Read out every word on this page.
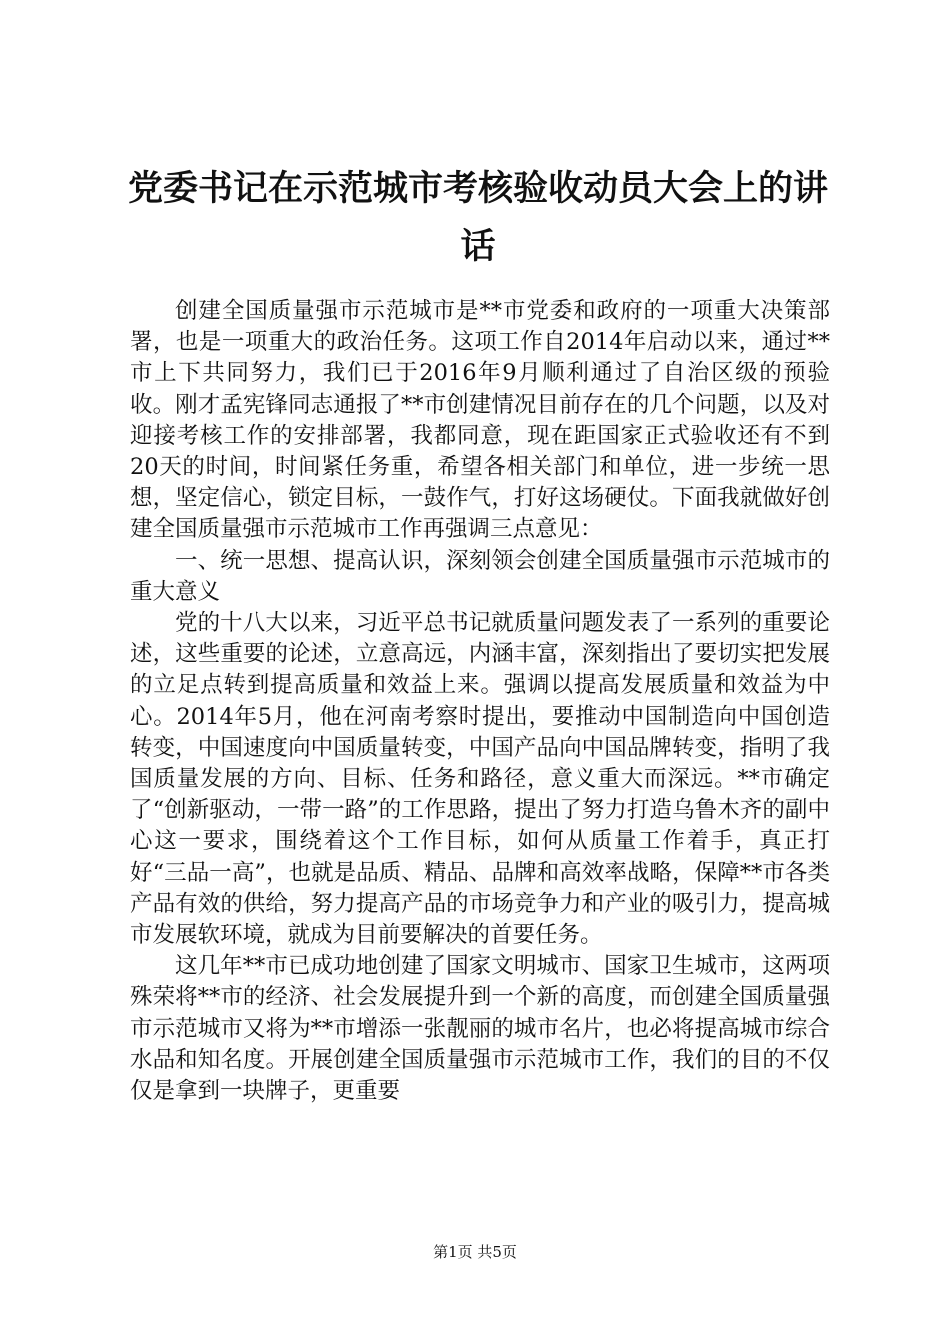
党委书记在示范城市考核验收动员大会上的讲话

创建全国质量强市示范城市是**市党委和政府的一项重大决策部署，也是一项重大的政治任务。这项工作自2014年启动以来，通过**市上下共同努力，我们已于2016年9月顺利通过了自治区级的预验收。刚才孟宪锋同志通报了**市创建情况目前存在的几个问题，以及对迎接考核工作的安排部署，我都同意，现在距国家正式验收还有不到20天的时间，时间紧任务重，希望各相关部门和单位，进一步统一思想，坚定信心，锁定目标，一鼓作气，打好这场硬仗。下面我就做好创建全国质量强市示范城市工作再强调三点意见：

一、统一思想、提高认识，深刻领会创建全国质量强市示范城市的重大意义

党的十八大以来，习近平总书记就质量问题发表了一系列的重要论述，这些重要的论述，立意高远，内涵丰富，深刻指出了要切实把发展的立足点转到提高质量和效益上来。强调以提高发展质量和效益为中心。2014年5月，他在河南考察时提出，要推动中国制造向中国创造转变，中国速度向中国质量转变，中国产品向中国品牌转变，指明了我国质量发展的方向、目标、任务和路径，意义重大而深远。**市确定了“创新驱动，一带一路”的工作思路，提出了努力打造乌鲁木齐的副中心这一要求，围绕着这个工作目标，如何从质量工作着手，真正打好“三品一高”，也就是品质、精品、品牌和高效率战略，保障**市各类产品有效的供给，努力提高产品的市场竞争力和产业的吸引力，提高城市发展软环境，就成为目前要解决的首要任务。

这几年**市已成功地创建了国家文明城市、国家卫生城市，这两项殊荣将**市的经济、社会发展提升到一个新的高度，而创建全国质量强市示范城市又将为**市增添一张靓丽的城市名片，也必将提高城市综合水品和知名度。开展创建全国质量强市示范城市工作，我们的目的不仅仅是拿到一块牌子，更重要

第1页 共5页
